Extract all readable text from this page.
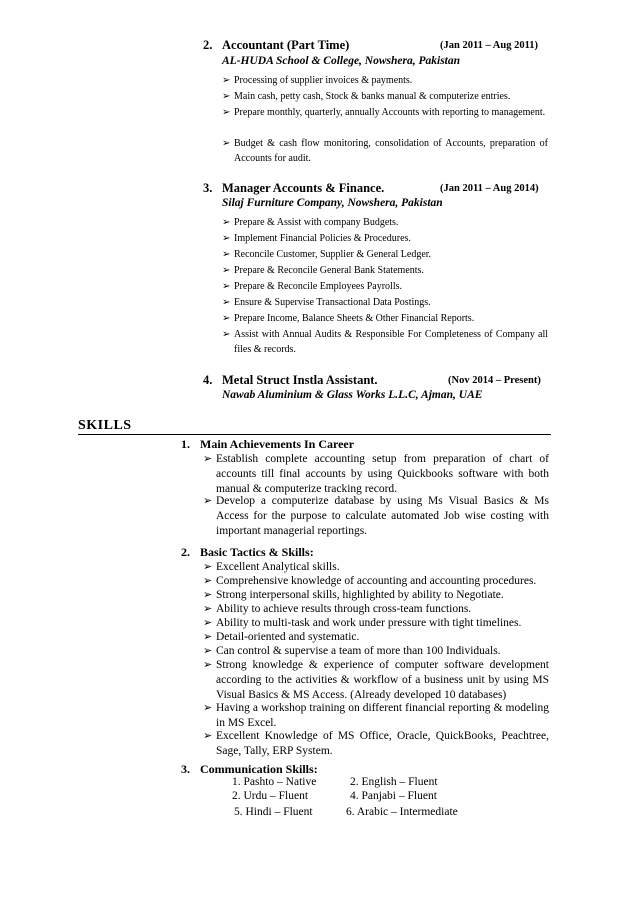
2. Accountant (Part Time)	(Jan 2011 – Aug 2011)
AL-HUDA School & College, Nowshera, Pakistan
➢ Processing of supplier invoices & payments.
➢ Main cash, petty cash, Stock & banks manual & computerize entries.
➢ Prepare monthly, quarterly, annually Accounts with reporting to management.
➢ Budget & cash flow monitoring, consolidation of Accounts, preparation of Accounts for audit.
3. Manager Accounts & Finance.	(Jan 2011 – Aug 2014)
Silaj Furniture Company, Nowshera, Pakistan
➢ Prepare & Assist with company Budgets.
➢ Implement Financial Policies & Procedures.
➢ Reconcile Customer, Supplier & General Ledger.
➢ Prepare & Reconcile General Bank Statements.
➢ Prepare & Reconcile Employees Payrolls.
➢ Ensure & Supervise Transactional Data Postings.
➢ Prepare Income, Balance Sheets & Other Financial Reports.
➢ Assist with Annual Audits & Responsible For Completeness of Company all files & records.
4. Metal Struct Instla Assistant.	(Nov 2014 – Present)
Nawab Aluminium & Glass Works L.L.C, Ajman, UAE
SKILLS
1. Main Achievements In Career
➢ Establish complete accounting setup from preparation of chart of accounts till final accounts by using Quickbooks software with both manual & computerize tracking record.
➢ Develop a computerize database by using Ms Visual Basics & Ms Access for the purpose to calculate automated Job wise costing with important managerial reportings.
2. Basic Tactics & Skills:
➢ Excellent Analytical skills.
➢ Comprehensive knowledge of accounting and accounting procedures.
➢ Strong interpersonal skills, highlighted by ability to Negotiate.
➢ Ability to achieve results through cross-team functions.
➢ Ability to multi-task and work under pressure with tight timelines.
➢ Detail-oriented and systematic.
➢ Can control & supervise a team of more than 100 Individuals.
➢ Strong knowledge & experience of computer software development according to the activities & workflow of a business unit by using MS Visual Basics & MS Access. (Already developed 10 databases)
➢ Having a workshop training on different financial reporting & modeling in MS Excel.
➢ Excellent Knowledge of MS Office, Oracle, QuickBooks, Peachtree, Sage, Tally, ERP System.
3. Communication Skills:
1. Pashto – Native	2. English – Fluent
2. Urdu – Fluent	4. Panjabi – Fluent
5. Hindi – Fluent	6. Arabic – Intermediate
